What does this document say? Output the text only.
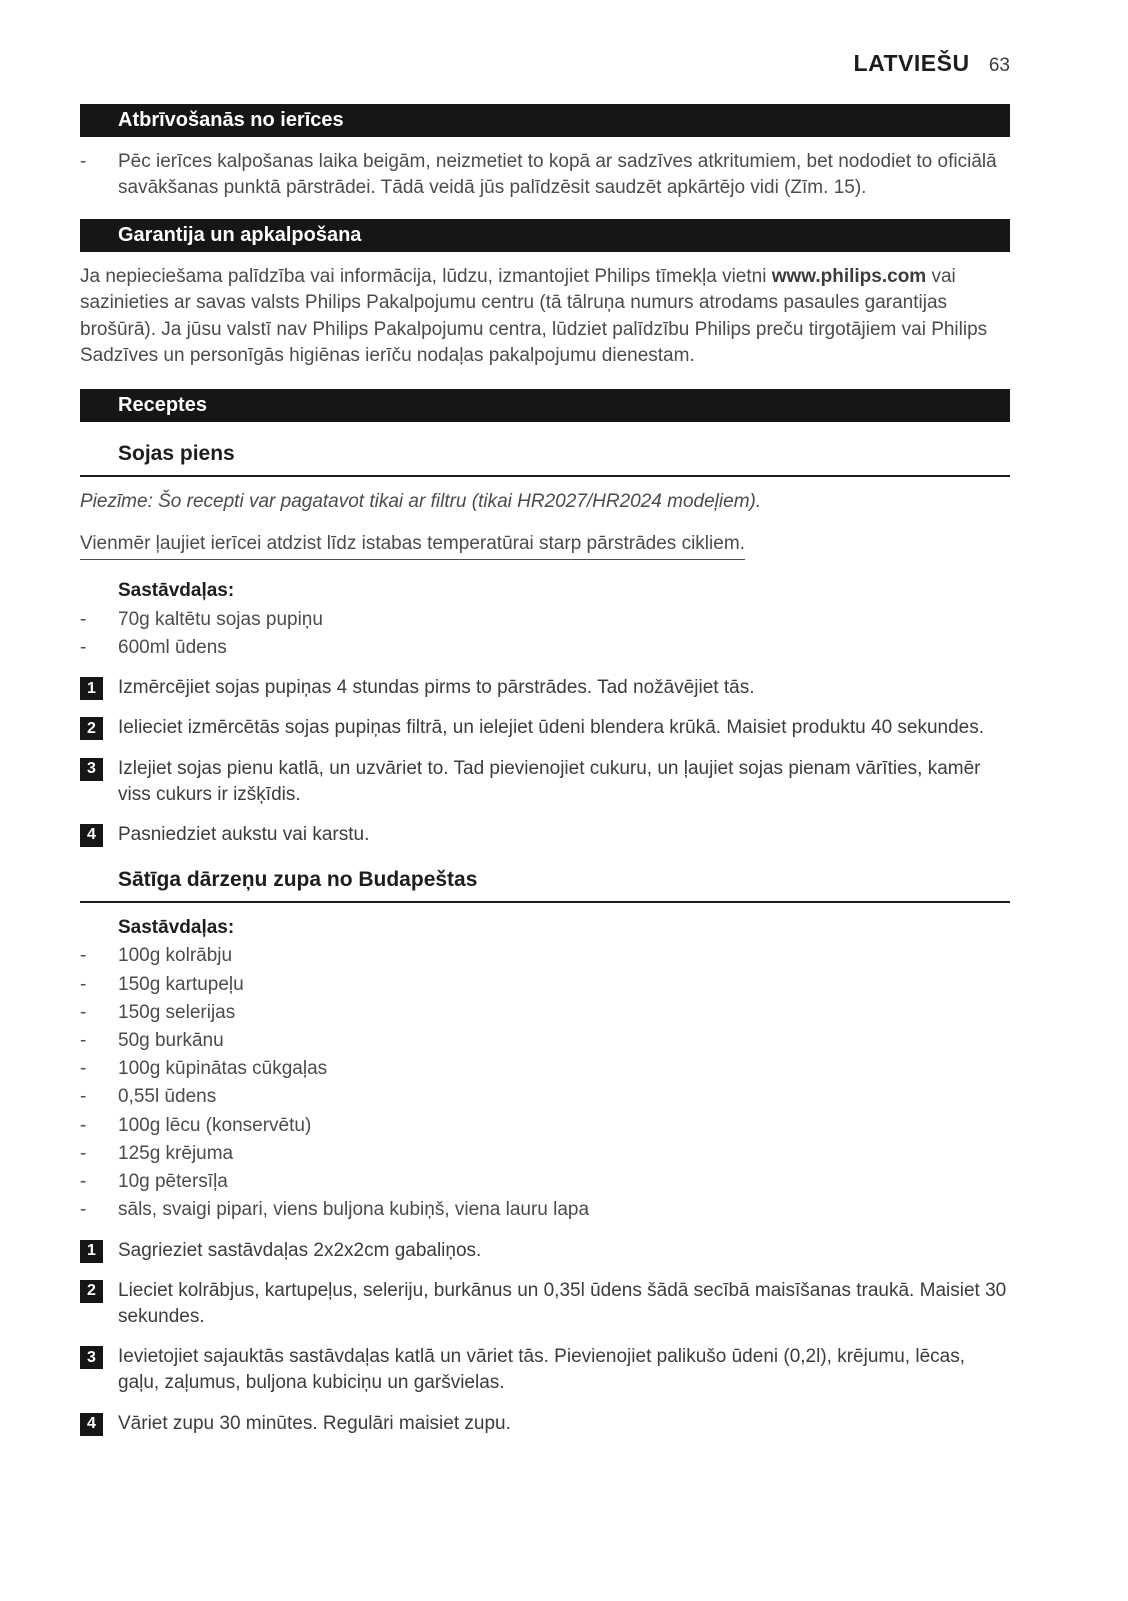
LATVIEŠU 63
Atbrīvošanās no ierīces
-	Pēc ierīces kalpošanas laika beigām, neizmetiet to kopā ar sadzīves atkritumiem, bet nododiet to oficiālā savākšanas punktā pārstrādei. Tādā veidā jūs palīdzēsit saudzēt apkārtējo vidi (Zīm. 15).
Garantija un apkalpošana

Ja nepieciešama palīdzība vai informācija, lūdzu, izmantojiet Philips tīmekļa vietni www.philips.com vai sazinieties ar savas valsts Philips Pakalpojumu centru (tā tālruņa numurs atrodams pasaules garantijas brošūrā). Ja jūsu valstī nav Philips Pakalpojumu centra, lūdziet palīdzību Philips preču tirgotājiem vai Philips Sadzīves un personīgās higiēnas ierīču nodaļas pakalpojumu dienestam.

Receptes
Sojas piens

Piezīme: Šo recepti var pagatavot tikai ar filtru (tikai HR2027/HR2024 modeļiem).

Vienmēr ļaujiet ierīcei atdzist līdz istabas temperatūrai starp pārstrādes cikliem.

Sastāvdaļas:
-	70g kaltētu sojas pupiņu
-	600ml ūdens
1	Izmērcējiet sojas pupiņas 4 stundas pirms to pārstrādes. Tad nožāvējiet tās.
2	Ielieciet izmērcētās sojas pupiņas filtrā, un ielejiet ūdeni blendera krūkā. Maisiet produktu 40 sekundes.
3	Izlejiet sojas pienu katlā, un uzvāriet to. Tad pievienojiet cukuru, un ļaujiet sojas pienam vārīties, kamēr viss cukurs ir izšķīdis.
4	Pasniedziet aukstu vai karstu.
Sātīga dārzeņu zupa no Budapeštas
Sastāvdaļas:
-	100g kolrābju
-	150g kartupeļu
-	150g selerijas
-	50g burkānu
-	100g kūpinātas cūkgaļas
-	0,55l ūdens
-	100g lēcu (konservētu)
-	125g krējuma
-	10g pētersīļa
-	sāls, svaigi pipari, viens buljona kubiņš, viena lauru lapa
1	Sagrieziet sastāvdaļas 2x2x2cm gabaliņos.
2	Lieciet kolrābjus, kartupeļus, seleriju, burkānus un 0,35l ūdens šādā secībā maisīšanas traukā. Maisiet 30 sekundes.
3	Ievietojiet sajauktās sastāvdaļas katlā un vāriet tās. Pievienojiet palikušo ūdeni (0,2l), krējumu, lēcas, gaļu, zaļumus, buljona kubiciņu un garšvielas.
4	Vāriet zupu 30 minūtes. Regulāri maisiet zupu.
